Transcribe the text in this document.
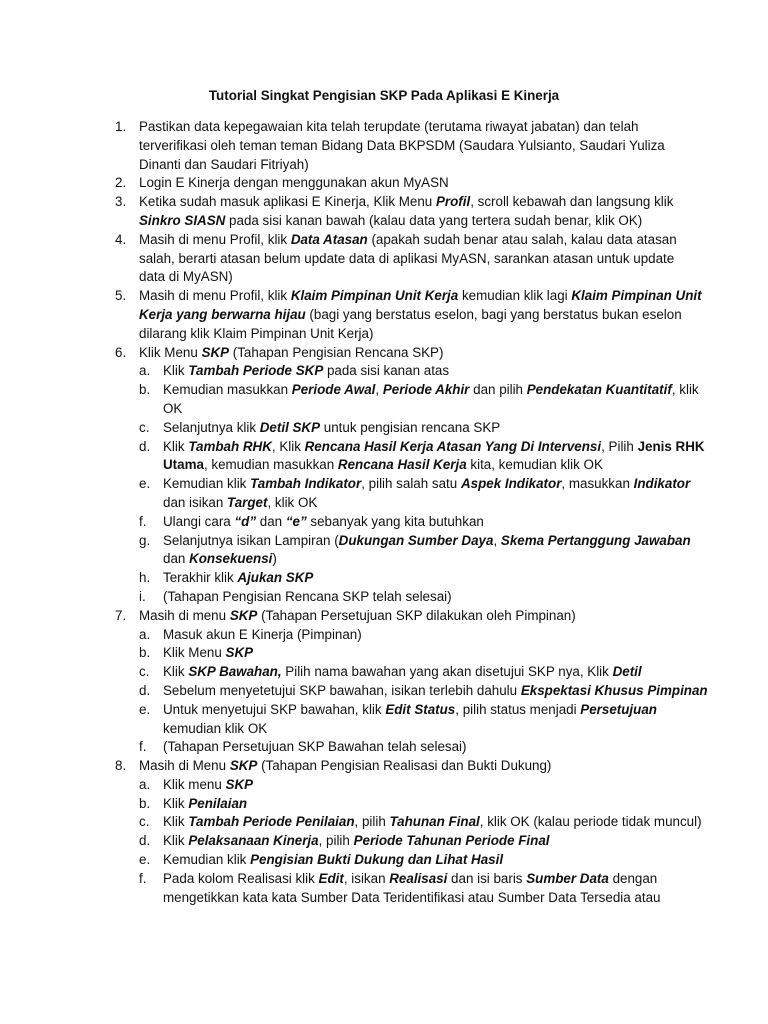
Tutorial Singkat Pengisian SKP Pada Aplikasi E Kinerja
1. Pastikan data kepegawaian kita telah terupdate (terutama riwayat jabatan) dan telah
terverifikasi oleh teman teman Bidang Data BKPSDM (Saudara Yulsianto, Saudari Yuliza
Dinanti dan Saudari Fitriyah)
2. Login E Kinerja dengan menggunakan akun MyASN
3. Ketika sudah masuk aplikasi E Kinerja, Klik Menu Profil, scroll kebawah dan langsung klik
Sinkro SIASN pada sisi kanan bawah (kalau data yang tertera sudah benar, klik OK)
4. Masih di menu Profil, klik Data Atasan (apakah sudah benar atau salah, kalau data atasan
salah, berarti atasan belum update data di aplikasi MyASN, sarankan atasan untuk update
data di MyASN)
5. Masih di menu Profil, klik Klaim Pimpinan Unit Kerja kemudian klik lagi Klaim Pimpinan Unit
Kerja yang berwarna hijau (bagi yang berstatus eselon, bagi yang berstatus bukan eselon
dilarang klik Klaim Pimpinan Unit Kerja)
6. Klik Menu SKP (Tahapan Pengisian Rencana SKP)
a. Klik Tambah Periode SKP pada sisi kanan atas
b. Kemudian masukkan Periode Awal, Periode Akhir dan pilih Pendekatan Kuantitatif, klik
OK
c. Selanjutnya klik Detil SKP untuk pengisian rencana SKP
d. Klik Tambah RHK, Klik Rencana Hasil Kerja Atasan Yang Di Intervensi, Pilih Jenis RHK
Utama, kemudian masukkan Rencana Hasil Kerja kita, kemudian klik OK
e. Kemudian klik Tambah Indikator, pilih salah satu Aspek Indikator, masukkan Indikator
dan isikan Target, klik OK
f. Ulangi cara “d” dan “e” sebanyak yang kita butuhkan
g. Selanjutnya isikan Lampiran (Dukungan Sumber Daya, Skema Pertanggung Jawaban
dan Konsekuensi)
h. Terakhir klik Ajukan SKP
i. (Tahapan Pengisian Rencana SKP telah selesai)
7. Masih di menu SKP (Tahapan Persetujuan SKP dilakukan oleh Pimpinan)
a. Masuk akun E Kinerja (Pimpinan)
b. Klik Menu SKP
c. Klik SKP Bawahan, Pilih nama bawahan yang akan disetujui SKP nya, Klik Detil
d. Sebelum menyetetujui SKP bawahan, isikan terlebih dahulu Ekspektasi Khusus Pimpinan
e. Untuk menyetujui SKP bawahan, klik Edit Status, pilih status menjadi Persetujuan
kemudian klik OK
f. (Tahapan Persetujuan SKP Bawahan telah selesai)
8. Masih di Menu SKP (Tahapan Pengisian Realisasi dan Bukti Dukung)
a. Klik menu SKP
b. Klik Penilaian
c. Klik Tambah Periode Penilaian, pilih Tahunan Final, klik OK (kalau periode tidak muncul)
d. Klik Pelaksanaan Kinerja, pilih Periode Tahunan Periode Final
e. Kemudian klik Pengisian Bukti Dukung dan Lihat Hasil
f. Pada kolom Realisasi klik Edit, isikan Realisasi dan isi baris Sumber Data dengan
mengetikkan kata kata Sumber Data Teridentifikasi atau Sumber Data Tersedia atau
